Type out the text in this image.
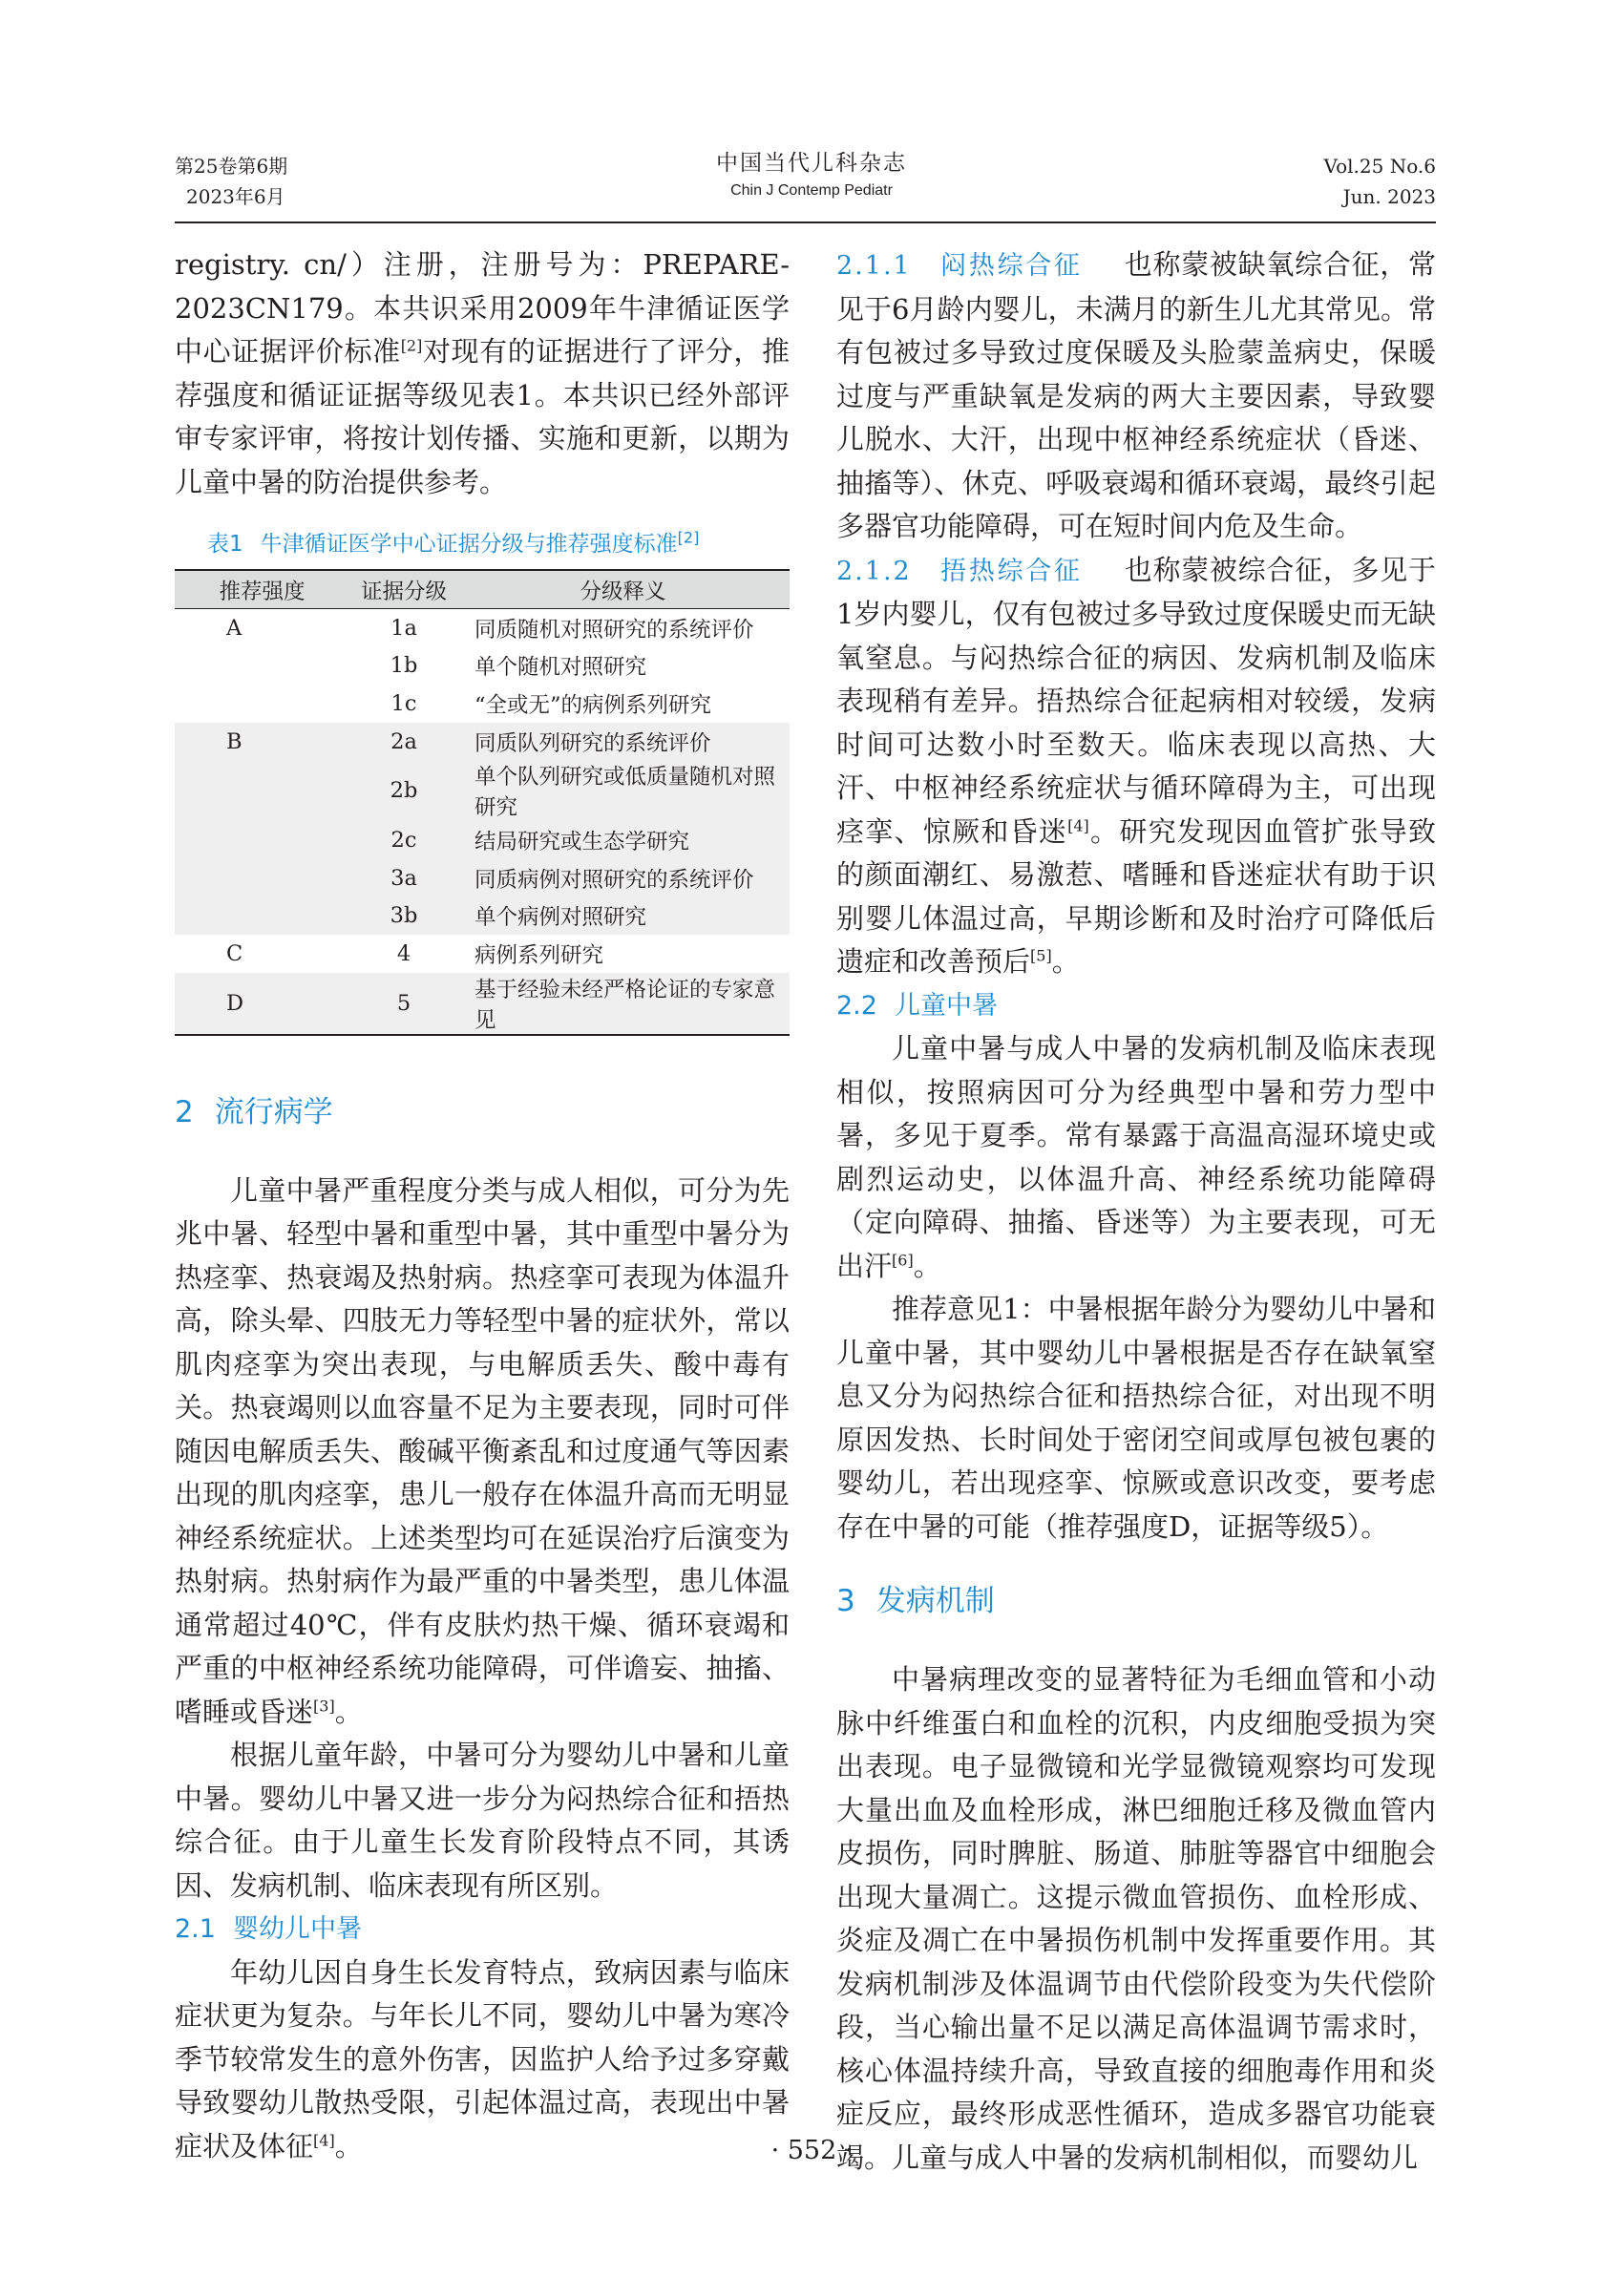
第25卷第6期
2023年6月
中国当代儿科杂志
Chin J Contemp Pediatr
Vol.25 No.6
Jun. 2023

registry. cn/）注册，注册号为：PREPARE-2023CN179。本共识采用2009年牛津循证医学中心证据评价标准[2]对现有的证据进行了评分，推荐强度和循证证据等级见表1。本共识已经外部评审专家评审，将按计划传播、实施和更新，以期为儿童中暑的防治提供参考。

表1 牛津循证医学中心证据分级与推荐强度标准[2]
推荐强度	证据分级	分级释义
A	1a	同质随机对照研究的系统评价
	1b	单个随机对照研究
	1c	“全或无”的病例系列研究
B	2a	同质队列研究的系统评价
	2b	单个队列研究或低质量随机对照研究
	2c	结局研究或生态学研究
	3a	同质病例对照研究的系统评价
	3b	单个病例对照研究
C	4	病例系列研究
D	5	基于经验未经严格论证的专家意见
2 流行病学

儿童中暑严重程度分类与成人相似，可分为先兆中暑、轻型中暑和重型中暑，其中重型中暑分为热痉挛、热衰竭及热射病。热痉挛可表现为体温升高，除头晕、四肢无力等轻型中暑的症状外，常以肌肉痉挛为突出表现，与电解质丢失、酸中毒有关。热衰竭则以血容量不足为主要表现，同时可伴随因电解质丢失、酸碱平衡紊乱和过度通气等因素出现的肌肉痉挛，患儿一般存在体温升高而无明显神经系统症状。上述类型均可在延误治疗后演变为热射病。热射病作为最严重的中暑类型，患儿体温通常超过40℃，伴有皮肤灼热干燥、循环衰竭和严重的中枢神经系统功能障碍，可伴谵妄、抽搐、嗜睡或昏迷[3]。

根据儿童年龄，中暑可分为婴幼儿中暑和儿童中暑。婴幼儿中暑又进一步分为闷热综合征和捂热综合征。由于儿童生长发育阶段特点不同，其诱因、发病机制、临床表现有所区别。

2.1 婴幼儿中暑

年幼儿因自身生长发育特点，致病因素与临床症状更为复杂。与年长儿不同，婴幼儿中暑为寒冷季节较常发生的意外伤害，因监护人给予过多穿戴导致婴幼儿散热受限，引起体温过高，表现出中暑症状及体征[4]。

2.1.1　闷热综合征 也称蒙被缺氧综合征，常见于6月龄内婴儿，未满月的新生儿尤其常见。常有包被过多导致过度保暖及头脸蒙盖病史，保暖过度与严重缺氧是发病的两大主要因素，导致婴儿脱水、大汗，出现中枢神经系统症状（昏迷、抽搐等）、休克、呼吸衰竭和循环衰竭，最终引起多器官功能障碍，可在短时间内危及生命。

2.1.2　捂热综合征 也称蒙被综合征，多见于1岁内婴儿，仅有包被过多导致过度保暖史而无缺氧窒息。与闷热综合征的病因、发病机制及临床表现稍有差异。捂热综合征起病相对较缓，发病时间可达数小时至数天。临床表现以高热、大汗、中枢神经系统症状与循环障碍为主，可出现痉挛、惊厥和昏迷[4]。研究发现因血管扩张导致的颜面潮红、易激惹、嗜睡和昏迷症状有助于识别婴儿体温过高，早期诊断和及时治疗可降低后遗症和改善预后[5]。

2.2 儿童中暑

儿童中暑与成人中暑的发病机制及临床表现相似，按照病因可分为经典型中暑和劳力型中暑，多见于夏季。常有暴露于高温高湿环境史或剧烈运动史，以体温升高、神经系统功能障碍（定向障碍、抽搐、昏迷等）为主要表现，可无出汗[6]。

推荐意见1：中暑根据年龄分为婴幼儿中暑和儿童中暑，其中婴幼儿中暑根据是否存在缺氧窒息又分为闷热综合征和捂热综合征，对出现不明原因发热、长时间处于密闭空间或厚包被包裹的婴幼儿，若出现痉挛、惊厥或意识改变，要考虑存在中暑的可能（推荐强度D，证据等级5）。

3 发病机制

中暑病理改变的显著特征为毛细血管和小动脉中纤维蛋白和血栓的沉积，内皮细胞受损为突出表现。电子显微镜和光学显微镜观察均可发现大量出血及血栓形成，淋巴细胞迁移及微血管内皮损伤，同时脾脏、肠道、肺脏等器官中细胞会出现大量凋亡。这提示微血管损伤、血栓形成、炎症及凋亡在中暑损伤机制中发挥重要作用。其发病机制涉及体温调节由代偿阶段变为失代偿阶段，当心输出量不足以满足高体温调节需求时，核心体温持续升高，导致直接的细胞毒作用和炎症反应，最终形成恶性循环，造成多器官功能衰竭。儿童与成人中暑的发病机制相似，而婴幼儿

· 552 ·
